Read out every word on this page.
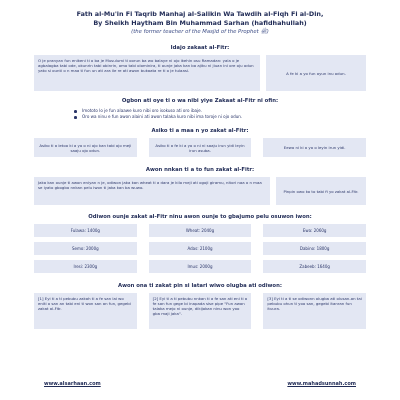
Fath al-Mu'in Fi Taqrib Manhaj al-Salikin Wa Tawdih al-Fiqh Fi al-Din,
By Sheikh Haytham Bin Muhammad Sarhan (hafidhahullah)
(the former teacher of the Masjid of the Prophet ﷺ)
Idajo zakaat al-Fitr:
O je pranyan fun enikeni ti o ba je Musulumi ti oorun ba wo balaye ni ojo ikehin osu Ramadan: yala o je agbalagba tabi ode, okunrin tabi obinrin, omo tabi olominira, ti ounje jaka kan ba ajiku ni jiuan ini ore oju odun yato si ounti o n maa ti fun un ati ara ile re ati awon bukaata re ti o je tulaasi.	A fe ki a yo fun oyun inu odun.
Ogbon ati oye ti o wa nibi yiye Zakaat al-Fitr ni ofin:
Imototo lo je fun alaawe kuro nibi oro isokuso ati oro ibaje.
Oro wa ninu e fun awon alaini ati awon talaka kuro nibi ima toroje ni ojo odun.
Asiko ti a maa n yo zakat al-Fitr:
Asiko ti a letoo ki a yo o ni ojo kan tabi ojo meji saaju ojo odun.
Asiko ti a fe ki a yo o ni ni saaju irun yidi leyin irun asuba.	Eewo ni ki a yo o leyin irun yidi.
Awon nnkan ti a to fun zakat al-Fitr:
Jaka kan ounje ti awon eniyan n je, odiwon jaka kan wheat ti a dara je kilo meji ati ogoji giramu, nitori naa o n maa se iyato gbogbo nnkan pelu iwon ti jaka kan ba wuwo.
Pinpin owo ko to tabi fi yo zakat al-Fitr.
Odiwon ounje zakat al-Fitr ninu awon ounje to gbajumo pelu osuwon iwon:
Fulawa: 1400g	Wheat: 2040g	Ewa: 2060g
Semo: 2000g	Adas: 2100g	Dabino: 1800g
Iresi: 2300g	Imus: 2000g	Zabeeb: 1640g
Awon ona ti zakat pin si latari wiwo olugba ati odiwon:
[1] Eyi ti a ti pebubu zakah ti a fe san lai wo eniti o san an tabi eni ti won san an fun, gegebi zakat al-Fitr.
[2] Eyi ti a ti pebubu nnkan ti a fe san ati eni ti a fe san fun gege bi inapada sise pipe "Fun awon talaka mejo ni ounje, dikijokan ninu won yoo gba maji jaka".
[3] Eyi ti a ti se odiwonn olugba ati olusan-an tai pebubu ohun ti yoo san, gegebi itanran fun ituura.
www.alsarhaan.com	www.mahadsunnah.com
